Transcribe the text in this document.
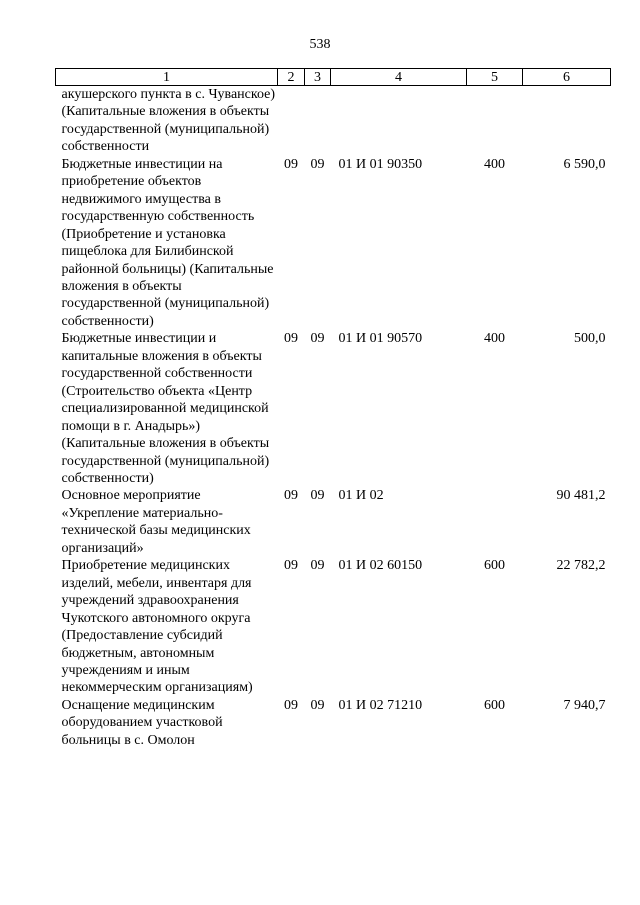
538
1	2	3	4	5	6
акушерского пункта в с. Чуванское) (Капитальные вложения в объекты государственной (муниципальной) собственности					
Бюджетные инвестиции на приобретение объектов недвижимого имущества в государственную собственность (Приобретение и установка пищеблока для Билибинской районной больницы) (Капитальные вложения в объекты государственной (муниципальной) собственности)	09	09	01 И 01 90350	400	6 590,0
Бюджетные инвестиции и капитальные вложения в объекты государственной собственности (Строительство объекта «Центр специализированной медицинской помощи в г. Анадырь») (Капитальные вложения в объекты государственной (муниципальной) собственности)	09	09	01 И 01 90570	400	500,0
Основное мероприятие «Укрепление материально-технической базы медицинских организаций»	09	09	01 И 02		90 481,2
Приобретение медицинских изделий, мебели, инвентаря для учреждений здравоохранения Чукотского автономного округа (Предоставление субсидий бюджетным, автономным учреждениям и иным некоммерческим организациям)	09	09	01 И 02 60150	600	22 782,2
Оснащение медицинским оборудованием участковой больницы в с. Омолон	09	09	01 И 02 71210	600	7 940,7
